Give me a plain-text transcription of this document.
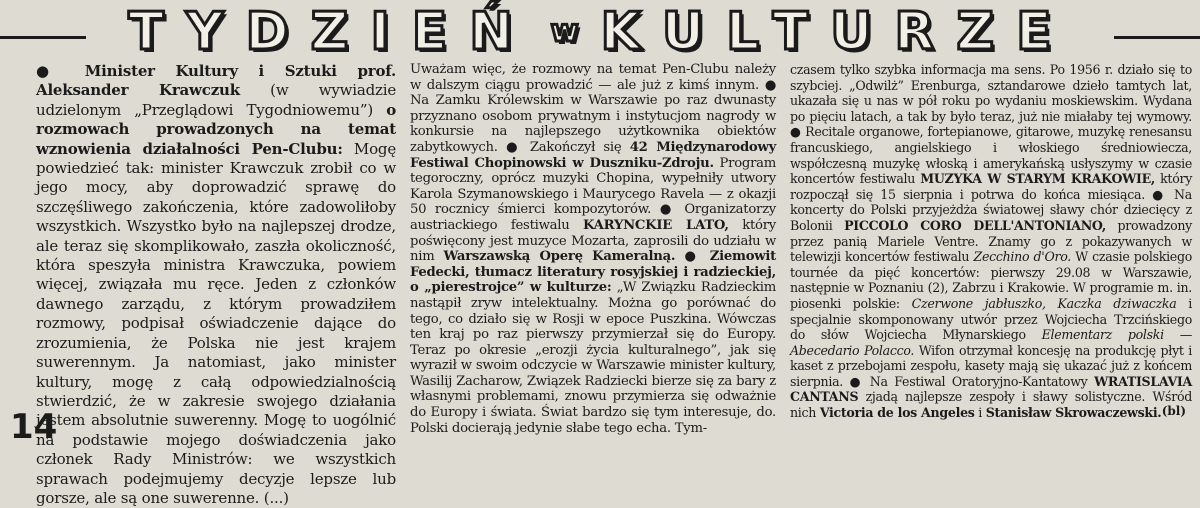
TYDZIEŃ w KULTURZE

● Minister Kultury i Sztuki prof. Aleksander Krawczuk (w wywiadzie udzielonym „Przeglądowi Tygodniowemu”) o rozmowach prowadzonych na temat wznowienia działalności Pen-Clubu: Mogę powiedzieć tak: minister Krawczuk zrobił co w jego mocy, aby doprowadzić sprawę do szczęśliwego zakończenia, które zadowoliłoby wszystkich. Wszystko było na najlepszej drodze, ale teraz się skomplikowało, zaszła okoliczność, która speszyła ministra Krawczuka, powiem więcej, związała mu ręce. Jeden z członków dawnego zarządu, z którym prowadziłem rozmowy, podpisał oświadczenie dające do zrozumienia, że Polska nie jest krajem suwerennym. Ja natomiast, jako minister kultury, mogę z całą odpowiedzialnością stwierdzić, że w zakresie swojego działania jestem absolutnie suwerenny. Mogę to uogólnić na podstawie mojego doświadczenia jako członek Rady Ministrów: we wszystkich sprawach podejmujemy decyzje lepsze lub gorsze, ale są one suwerenne. (...)

Uważam więc, że rozmowy na temat Pen-Clubu należy w dalszym ciągu prowadzić — ale już z kimś innym. ● Na Zamku Królewskim w Warszawie po raz dwunasty przyznano osobom prywatnym i instytucjom nagrody w konkursie na najlepszego użytkownika obiektów zabytkowych. ● Zakończył się 42 Międzynarodowy Festiwal Chopinowski w Duszniku-Zdroju. Program tegoroczny, oprócz muzyki Chopina, wypełniły utwory Karola Szymanowskiego i Maurycego Ravela — z okazji 50 rocznicy śmierci kompozytorów. ● Organizatorzy austriackiego festiwalu KARYNCKIE LATO, który poświęcony jest muzyce Mozarta, zaprosili do udziału w nim Warszawską Operę Kameralną. ● Ziemowit Fedecki, tłumacz literatury rosyjskiej i radzieckiej, o „pierestrojce” w kulturze: „W Związku Radzieckim nastąpił zryw intelektualny. Można go porównać do tego, co działo się w Rosji w epoce Puszkina. Wówczas ten kraj po raz pierwszy przymierzał się do Europy. Teraz po okresie „erozji życia kulturalnego”, jak się wyraził w swoim odczycie w Warszawie minister kultury, Wasilij Zacharow, Związek Radziecki bierze się za bary z własnymi problemami, znowu przymierza się odważnie do Europy i świata. Świat bardzo się tym interesuje, do. Polski docierają jedynie słabe tego echa. Tym-

czasem tylko szybka informacja ma sens. Po 1956 r. działo się to szybciej. „Odwilż” Erenburga, sztandarowe dzieło tamtych lat, ukazała się u nas w pół roku po wydaniu moskiewskim. Wydana po pięciu latach, a tak by było teraz, już nie miałaby tej wymowy. ● Recitale organowe, fortepianowe, gitarowe, muzykę renesansu francuskiego, angielskiego i włoskiego średniowiecza, współczesną muzykę włoską i amerykańską usłyszymy w czasie koncertów festiwalu MUZYKA W STARYM KRAKOWIE, który rozpoczął się 15 sierpnia i potrwa do końca miesiąca. ● Na koncerty do Polski przyjeżdża światowej sławy chór dziecięcy z Bolonii PICCOLO CORO DELL'ANTONIANO, prowadzony przez panią Mariele Ventre. Znamy go z pokazywanych w telewizji koncertów festiwalu Zecchino d'Oro. W czasie polskiego tournée da pięć koncertów: pierwszy 29.08 w Warszawie, następnie w Poznaniu (2), Zabrzu i Krakowie. W programie m. in. piosenki polskie: Czerwone jabłuszko, Kaczka dziwaczka i specjalnie skomponowany utwór przez Wojciecha Trzcińskiego do słów Wojciecha Młynarskiego Elementarz polski — Abecedario Polacco. Wifon otrzymał koncesję na produkcję płyt i kaset z przebojami zespołu, kasety mają się ukazać już z końcem sierpnia. ● Na Festiwal Oratoryjno-Kantatowy WRATISLAVIA CANTANS zjadą najlepsze zespoły i sławy solistyczne. Wśród nich Victoria de los Angeles i Stanisław Skrowaczewski. (bl)
14
